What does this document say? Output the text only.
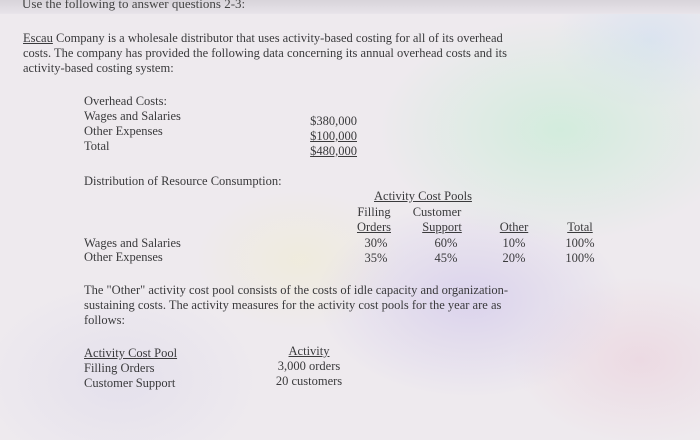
Use the following to answer questions 2-3:
Escau Company is a wholesale distributor that uses activity-based costing for all of its overhead
costs. The company has provided the following data concerning its annual overhead costs and its
activity-based costing system:
Overhead Costs:
Wages and Salaries	$380,000
Other Expenses	$100,000
Total	$480,000
Distribution of Resource Consumption:
Activity Cost Pools
Filling	Customer
Orders	Support	Other	Total
Wages and Salaries	30%	60%	10%	100%
Other Expenses	35%	45%	20%	100%
The "Other" activity cost pool consists of the costs of idle capacity and organization-
sustaining costs. The activity measures for the activity cost pools for the year are as
follows:
Activity Cost Pool	Activity
Filling Orders	3,000 orders
Customer Support	20 customers
